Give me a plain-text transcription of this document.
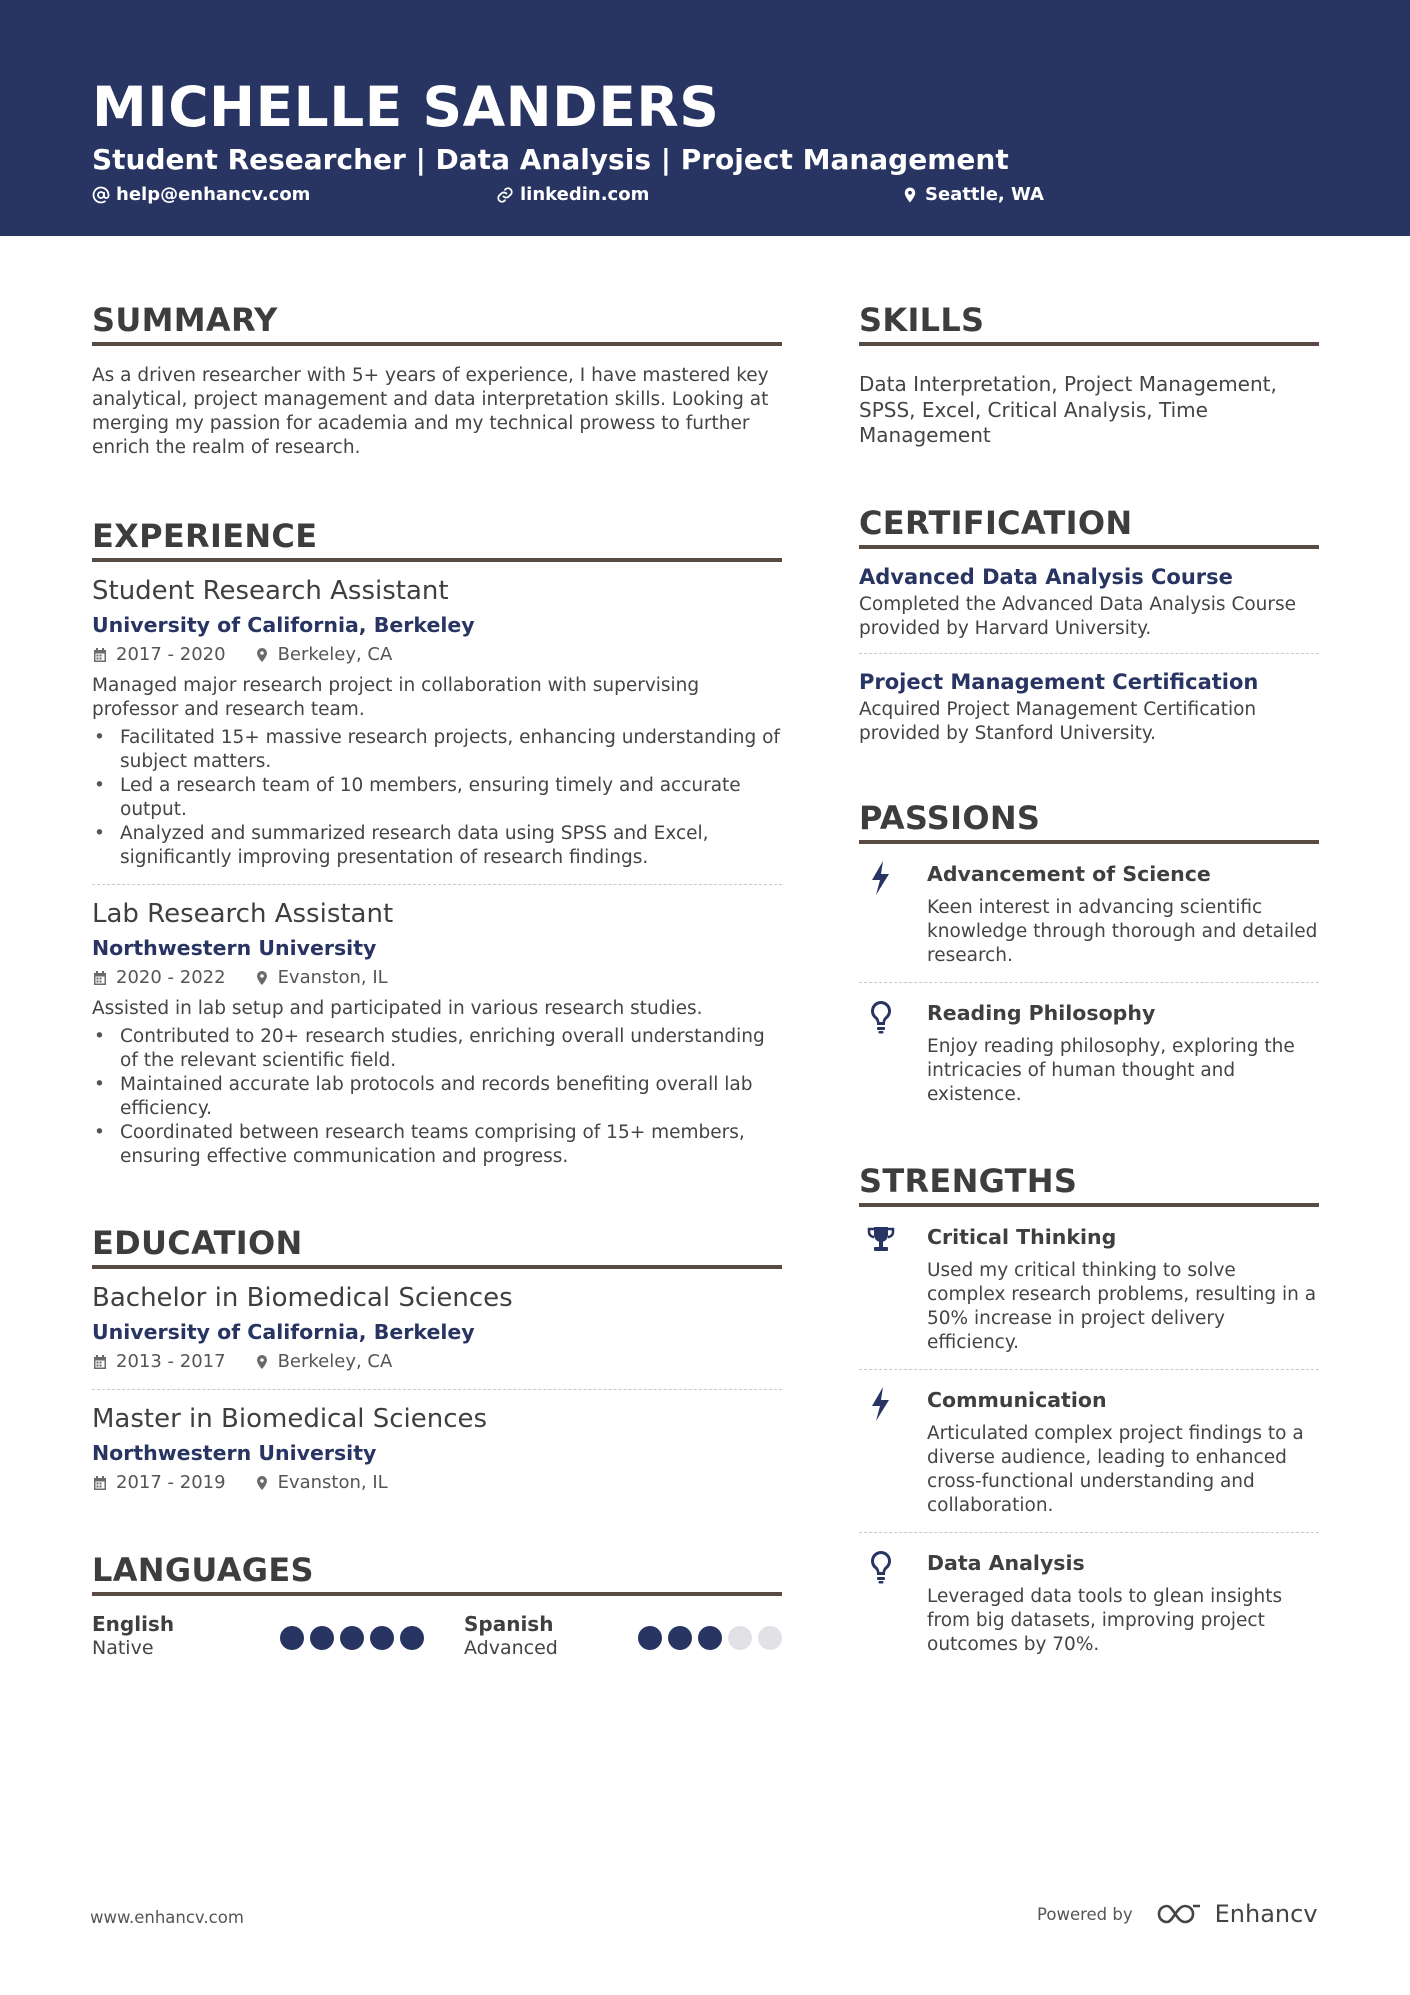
MICHELLE SANDERS
Student Researcher | Data Analysis | Project Management
help@enhancv.com	linkedin.com	Seattle, WA
SUMMARY

As a driven researcher with 5+ years of experience, I have mastered key analytical, project management and data interpretation skills. Looking at merging my passion for academia and my technical prowess to further enrich the realm of research.

EXPERIENCE
Student Research Assistant
University of California, Berkeley
2017 - 2020	Berkeley, CA
Managed major research project in collaboration with supervising professor and research team.
• Facilitated 15+ massive research projects, enhancing understanding of subject matters.
• Led a research team of 10 members, ensuring timely and accurate output.
• Analyzed and summarized research data using SPSS and Excel, significantly improving presentation of research findings.
Lab Research Assistant
Northwestern University
2020 - 2022	Evanston, IL
Assisted in lab setup and participated in various research studies.
• Contributed to 20+ research studies, enriching overall understanding of the relevant scientific field.
• Maintained accurate lab protocols and records benefiting overall lab efficiency.
• Coordinated between research teams comprising of 15+ members, ensuring effective communication and progress.
EDUCATION
Bachelor in Biomedical Sciences
University of California, Berkeley
2013 - 2017	Berkeley, CA
Master in Biomedical Sciences
Northwestern University
2017 - 2019	Evanston, IL
LANGUAGES
English
Native
Spanish
Advanced
SKILLS

Data Interpretation, Project Management, SPSS, Excel, Critical Analysis, Time Management

CERTIFICATION
Advanced Data Analysis Course
Completed the Advanced Data Analysis Course provided by Harvard University.
Project Management Certification
Acquired Project Management Certification provided by Stanford University.
PASSIONS
Advancement of Science
Keen interest in advancing scientific knowledge through thorough and detailed research.
Reading Philosophy
Enjoy reading philosophy, exploring the intricacies of human thought and existence.
STRENGTHS
Critical Thinking
Used my critical thinking to solve complex research problems, resulting in a 50% increase in project delivery efficiency.
Communication
Articulated complex project findings to a diverse audience, leading to enhanced cross-functional understanding and collaboration.
Data Analysis
Leveraged data tools to glean insights from big datasets, improving project outcomes by 70%.
www.enhancv.com	Powered by	Enhancv
